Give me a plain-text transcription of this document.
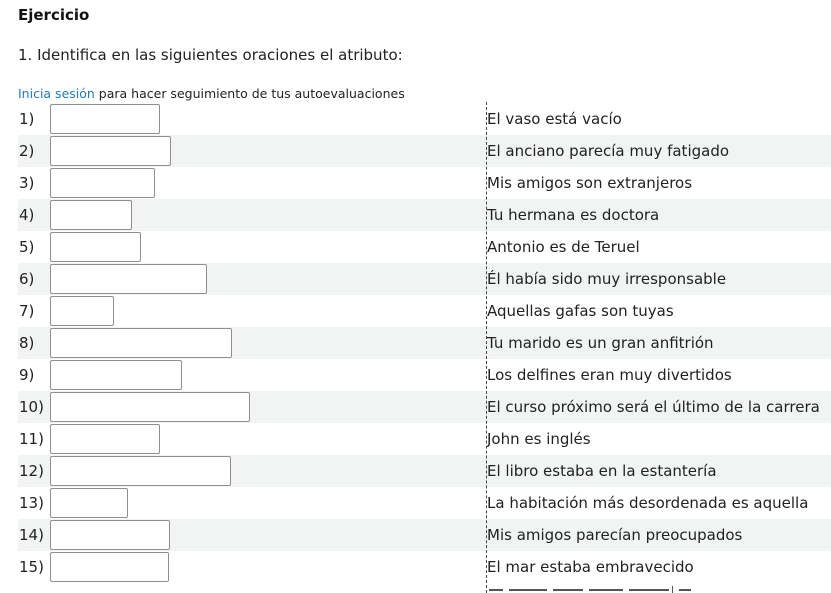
Ejercicio
1. Identifica en las siguientes oraciones el atributo:
Inicia sesión para hacer seguimiento de tus autoevaluaciones
1)	El vaso está vacío
2)	El anciano parecía muy fatigado
3)	Mis amigos son extranjeros
4)	Tu hermana es doctora
5)	Antonio es de Teruel
6)	Él había sido muy irresponsable
7)	Aquellas gafas son tuyas
8)	Tu marido es un gran anfitrión
9)	Los delfines eran muy divertidos
10)	El curso próximo será el último de la carrera
11)	John es inglés
12)	El libro estaba en la estantería
13)	La habitación más desordenada es aquella
14)	Mis amigos parecían preocupados
15)	El mar estaba embravecido
